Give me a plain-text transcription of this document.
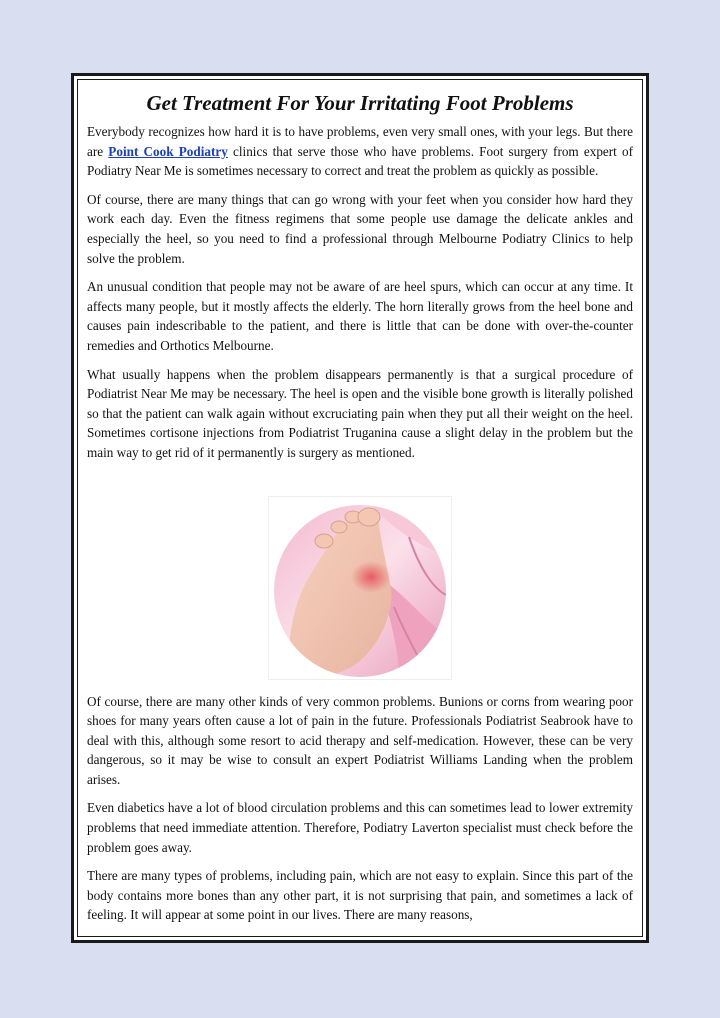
Get Treatment For Your Irritating Foot Problems

Everybody recognizes how hard it is to have problems, even very small ones, with your legs. But there are Point Cook Podiatry clinics that serve those who have problems. Foot surgery from expert of Podiatry Near Me is sometimes necessary to correct and treat the problem as quickly as possible.

Of course, there are many things that can go wrong with your feet when you consider how hard they work each day. Even the fitness regimens that some people use damage the delicate ankles and especially the heel, so you need to find a professional through Melbourne Podiatry Clinics to help solve the problem.

An unusual condition that people may not be aware of are heel spurs, which can occur at any time. It affects many people, but it mostly affects the elderly. The horn literally grows from the heel bone and causes pain indescribable to the patient, and there is little that can be done with over-the-counter remedies and Orthotics Melbourne.

What usually happens when the problem disappears permanently is that a surgical procedure of Podiatrist Near Me may be necessary. The heel is open and the visible bone growth is literally polished so that the patient can walk again without excruciating pain when they put all their weight on the heel. Sometimes cortisone injections from Podiatrist Truganina cause a slight delay in the problem but the main way to get rid of it permanently is surgery as mentioned.

Of course, there are many other kinds of very common problems. Bunions or corns from wearing poor shoes for many years often cause a lot of pain in the future. Professionals Podiatrist Seabrook have to deal with this, although some resort to acid therapy and self-medication. However, these can be very dangerous, so it may be wise to consult an expert Podiatrist Williams Landing when the problem arises.

Even diabetics have a lot of blood circulation problems and this can sometimes lead to lower extremity problems that need immediate attention. Therefore, Podiatry Laverton specialist must check before the problem goes away.

There are many types of problems, including pain, which are not easy to explain. Since this part of the body contains more bones than any other part, it is not surprising that pain, and sometimes a lack of feeling. It will appear at some point in our lives. There are many reasons,
